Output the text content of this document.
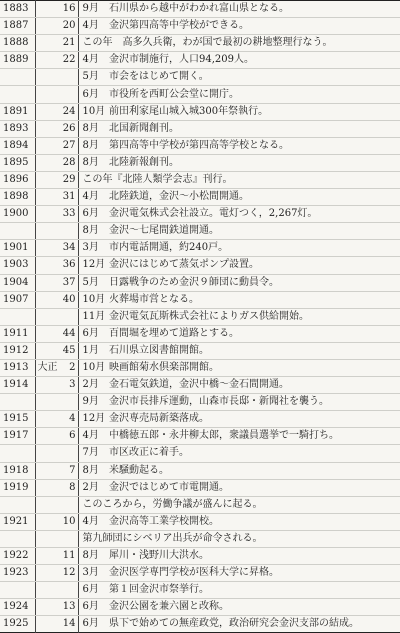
1883		16	9月	石川県から越中がわかれ富山県となる。
1887		20	4月	金沢第四高等中学校ができる。
1888		21	この年　高多久兵衛，わが国で最初の耕地整理行なう。	
1889		22	4月	金沢市制施行，人口94,209人。
			5月	市会をはじめて開く。
			6月	市役所を西町公会堂に開庁。
1891		24	10月	前田利家尾山城入城300年祭執行。
1893		26	8月	北国新聞創刊。
1894		27	8月	第四高等中学校が第四高等学校となる。
1895		28	8月	北陸新報創刊。
1896		29	この年『北陸人類学会志』刊行。	
1898		31	4月	北陸鉄道，金沢～小松間開通。
1900		33	6月	金沢電気株式会社設立。電灯つく，2,267灯。
			8月	金沢～七尾間鉄道開通。
1901		34	3月	市内電話開通，約240戸。
1903		36	12月	金沢にはじめて蒸気ポンプ設置。
1904		37	5月	日露戦争のため金沢９師団に動員令。
1907		40	10月	火葬場市営となる。
			11月	金沢電気瓦斯株式会社によりガス供給開始。
1911		44	6月	百間堀を埋めて道路とする。
1912		45	1月	石川県立図書館開館。
1913	大正	2	10月	映画館菊水倶楽部開館。
1914		3	2月	金石電気鉄道，金沢中橋～金石間開通。
			9月	金沢市長排斥運動，山森市長邸・新聞社を襲う。
1915		4	12月	金沢専売局新築落成。
1917		6	4月	中橋徳五郎・永井柳太郎，衆議員選挙で一騎打ち。
			7月	市区改正に着手。
1918		7	8月	米騒動起る。
1919		8	2月	金沢ではじめて市電開通。
			このころから，労働争議が盛んに起る。	
1921		10	4月	金沢高等工業学校開校。
			第九師団にシベリア出兵が命令される。	
1922		11	8月	犀川・浅野川大洪水。
1923		12	3月	金沢医学専門学校が医科大学に昇格。
			6月	第１回金沢市祭挙行。
1924		13	6月	金沢公園を兼六園と改称。
1925		14	6月	県下で始めての無産政党，政治研究会金沢支部の結成。
